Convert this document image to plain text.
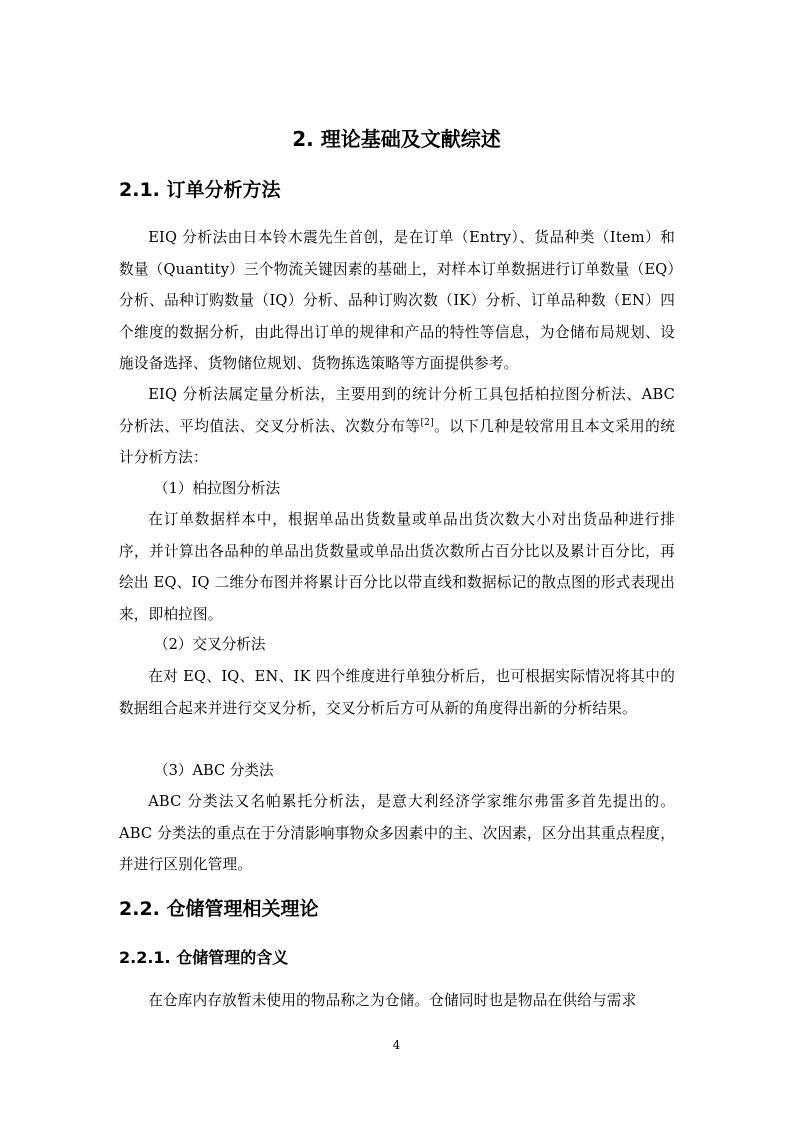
2. 理论基础及文献综述
2.1. 订单分析方法

EIQ 分析法由日本铃木震先生首创，是在订单（Entry）、货品种类（Item）和数量（Quantity）三个物流关键因素的基础上，对样本订单数据进行订单数量（EQ）分析、品种订购数量（IQ）分析、品种订购次数（IK）分析、订单品种数（EN）四个维度的数据分析，由此得出订单的规律和产品的特性等信息，为仓储布局规划、设施设备选择、货物储位规划、货物拣选策略等方面提供参考。

EIQ 分析法属定量分析法，主要用到的统计分析工具包括柏拉图分析法、ABC 分析法、平均值法、交叉分析法、次数分布等[2]。以下几种是较常用且本文采用的统计分析方法：

（1）柏拉图分析法

在订单数据样本中，根据单品出货数量或单品出货次数大小对出货品种进行排序，并计算出各品种的单品出货数量或单品出货次数所占百分比以及累计百分比，再绘出 EQ、IQ 二维分布图并将累计百分比以带直线和数据标记的散点图的形式表现出来，即柏拉图。

（2）交叉分析法

在对 EQ、IQ、EN、IK 四个维度进行单独分析后，也可根据实际情况将其中的数据组合起来并进行交叉分析，交叉分析后方可从新的角度得出新的分析结果。

（3）ABC 分类法

ABC 分类法又名帕累托分析法，是意大利经济学家维尔弗雷多首先提出的。ABC 分类法的重点在于分清影响事物众多因素中的主、次因素，区分出其重点程度，并进行区别化管理。

2.2. 仓储管理相关理论
2.2.1. 仓储管理的含义

在仓库内存放暂未使用的物品称之为仓储。仓储同时也是物品在供给与需求

4
